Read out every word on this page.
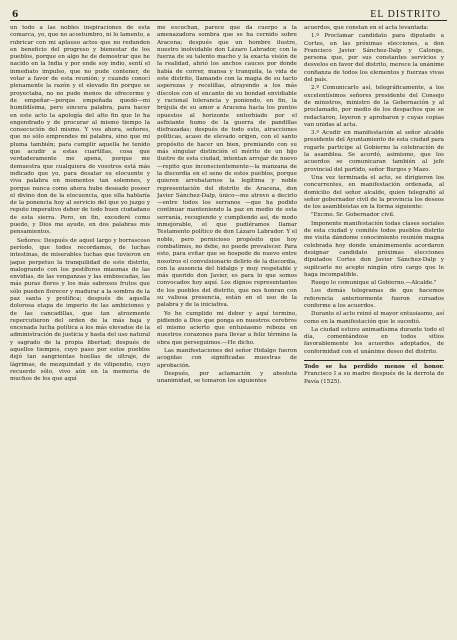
6	EL DISTRITO

un todo a las nobles inspiraciones de esta comarca, yo, que no acostumbro, ni lo lamento, a rubricar con mi aplauso actos que no redunden en beneficio del progreso y bienestar de los pueblos, porque en algo he de demostrar que he nacido en la India y por ende soy indio, sentí el inmediato impulso, que no pude contener, de votar a favor de esta reunión; y cuando conocí plenamente la razón y el elevado fin porque se proyectaba, no no pude menos de ofrecerme y de empeñar—porque empeñada quedó—mi humildísima, pero sincera palabra, para hacer en este acto la apología del alto fin que lo ha engendrado y de procurar al mismo tiempo la consecución del mismo. Y vos ahora, señores, que no sólo emprendes mi palabra, sino que mi pluma también; para cumplir aquella he tenido que acudir a estas cuartillas, cosa que verdaderamente me apena, porque me demuestra que cualquiera de vosotros está más indicado que yo, para desatar su elocuente y viva palabra en momentos tan solemnes, y porque nunca como ahora hube deseado poseer el divino don de la elocuencia, que ella hablaría de la ponencia hoy al servicio del que yo juzgo y reputo imperativo deber de todo buen ciudadano de esta sierra. Pero, en fin, excederé como puedo, y Dios me ayude, en dos palabras mis pensamientos.

Señores: Después de aquel largo y borrascoso período, que todos recordamos, de luchas intestinas, de miserables luchas que tuvieron en jaque perpetuo la tranquilidad de este distrito, malogrando con los pestíferos miasmas de las envidias, de las venganzas y las emboscadas, las más puras flores y los más sabrosos frutos que sólo pueden florecer y madurar a la sombra de la paz santa y prolífica; después de aquella dolorosa etapa de imperio de las ambiciones y de las cancadillas, que tan atrozmente repercutieron del orden de la más baja y encenada lucha política a los más elevados de la administración de justicia y hasta del uso natural y sagrado de la propia libertad; después de aquellos tiempos, cuyo paso por estos pueblos dejó tan sangrientas huellas de ultraje, de lágrimas, de mezquindad y de vilipendio, cuyo recuerdo sólo, vivo aún en la memoria de muchos de los que aquí

me escuchan, parece que da cuerpo a la amenazadora sombra que se ha cernido sobre Aracena; después que un hombre ilustre, nuestro inolvidable don Lázaro Labrador, con la fuerza de su talento macho y la exacta visión de la realidad, abrió los anchos cauces por donde había de correr, mansa y tranquila, la vida de este distrito, llamando con la magia de su tacto asperezas y recelillas, atrayendo a los más díscolos con el encanto de su bondad envidiable y racional tolerancia y poniendo, en fin, la brújula de su amor a Aracena hacia los puntos opuestos al horizonte entorbiado por el asfixiante humo de la guerra de pandillas disfrazadas; después de todo esto, atracciones políticas, acaso de elevado origen, con el santo propósito de hacer un bien, premiando con su más singular distinción el mérito de un hijo ilustre de esta ciudad, intentan arrojar de nuevo —repito que inconscientemente—la manzana de la discordia en el seno de estos pueblos, porque quieren arrebatarnos la legítima y noble representación del distrito de Aracena, don Javier Sánchez-Dalp, único—me atrevo a decirlo—entre todos los serranos —que ha podido continuar manteniendo la paz en medio de esta serranía, recogiendo y cumpliendo así, de modo inmejorable, el que pudiéramos llamar Testamento político de don Lázaro Labrador. Y el noble, pero pernicioso propósito que hoy combatimos, no debe, no puede prevalecer. Para esto, para evitar que se hospede de nuevo entre nosotros el convulsionario delirio de la discordia, con la ausencia del hidalgo y muy respetable y más querido don Javier, es para lo que somos convocados hoy aquí. Los dignos representantes de los pueblos del distrito, que nos honran con su valiosa presencia, están en el uso de la palabra y de la iniciativa.

Yo he cumplido mi deber y aquí termino, pidiendo a Dios que ponga en nuestros cerebros el mismo acierto que entusiasmo reboza en nuestros corazones para llevar a feliz término la obra que perseguimos.—He dicho.

Las manifestaciones del señor Hidalgo fueron acogidas con significadas muestras de aprobación.

Después, por aclamación y absoluta unanimidad, se tomaron los siguientes

acuerdos, que constan en el acta levantada:

1.º Proclamar candidato para diputado a Cortes, en las próximas elecciones, a don Francisco Javier Sánchez-Dalp y Calonge, persona que, por sus constantes servicios y desvelos en favor del distrito, merece la unánime confianza de todos los elementos y fuerzas vivas del país.

2.º Comunicarlo así, telegráficamente, a los excelentísimos señores presidente del Consejo de ministros, ministro de la Gobernación y al proclamado, por medio de los despachos que se redactaron, leyeron y aprobaron y cuyas copias van unidas al acta.

3.º Acudir en manifestación al señor alcalde presidente del Ayuntamiento de esta ciudad para rogarle participe al Gobierno la celebración de la asamblea. Se acordó, asimismo, que los acuerdos se comunicaran también al jefe provincial del partido, señor Burgos y Mazo.

Una vez terminada el acto, se dirigieron los concurrentes, en manifestación ordenada, al domicilio del señor alcalde, quien telegrafió al señor gobernador civil de la provincia los deseos de los asambleístas en la forma siguiente:

"Excmo. Sr. Gobernador civil.

Imponente manifestación todas clases sociales de esta ciudad y comités todos pueblos distrito me visita dándome conocimiento reunión magna celebrada hoy donde unánimemente acordaron designar candidato próximas elecciones diputados Cortes don Javier Sánchez-Dalp y suplicarle no acepte ningún otro cargo que le haga incompatible.

Ruego lo comunique al Gobierno.—Alcalde."

Los demás telegramas de que hacemos referencia anteriormente fueron cursados conforme a los acuerdos.

Durante el acto reinó el mayor entusiasmo, así como en la manifestación que le sucedió.

La ciudad estuvo animadísima durante todo el día, comentándose en todos sitios favorablemente los acuerdos adoptados, de conformidad con el unánime deseo del distrito.

Todo se ha perdido menos el honor. Francisco I a su madre después de la derrota de Pavía (1525).
